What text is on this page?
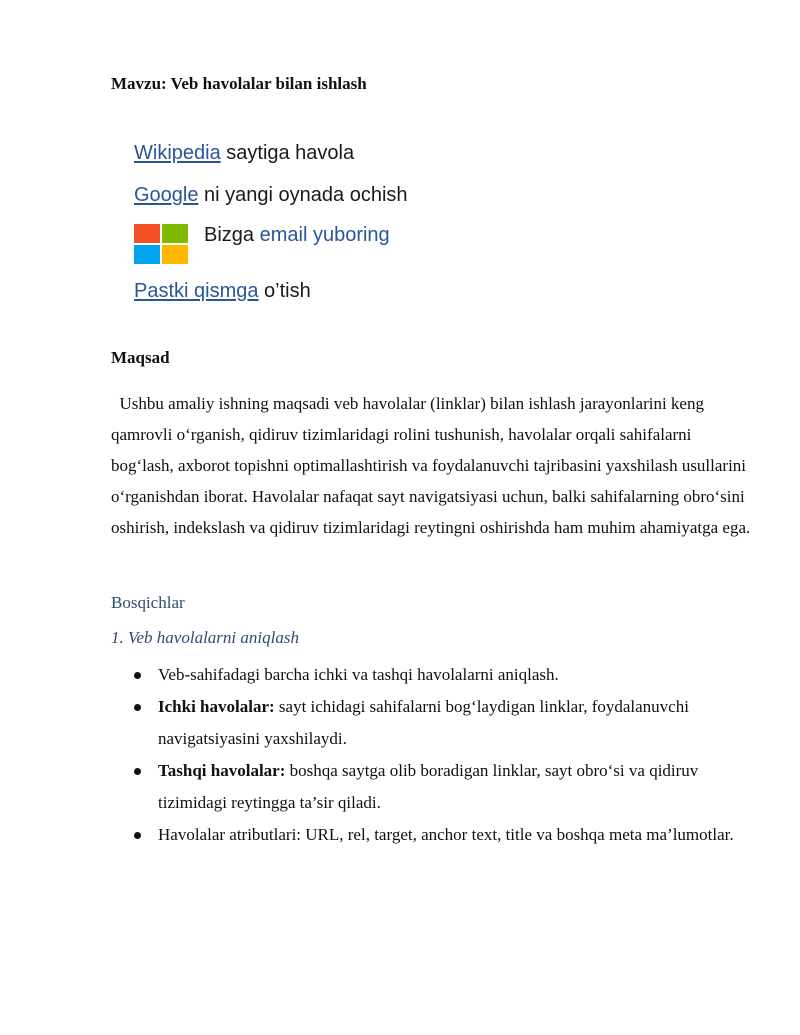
Mavzu: Veb havolalar bilan ishlash
Wikipedia saytiga havola
Google ni yangi oynada ochish
Bizga email yuboring
Pastki qismga o’tish
Maqsad

Ushbu amaliy ishning maqsadi veb havolalar (linklar) bilan ishlash jarayonlarini keng qamrovli o‘rganish, qidiruv tizimlaridagi rolini tushunish, havolalar orqali sahifalarni bog‘lash, axborot topishni optimallashtirish va foydalanuvchi tajribasini yaxshilash usullarini o‘rganishdan iborat. Havolalar nafaqat sayt navigatsiyasi uchun, balki sahifalarning obro‘sini oshirish, indekslash va qidiruv tizimlaridagi reytingni oshirishda ham muhim ahamiyatga ega.

Bosqichlar
1. Veb havolalarni aniqlash
Veb-sahifadagi barcha ichki va tashqi havolalarni aniqlash.
Ichki havolalar: sayt ichidagi sahifalarni bog‘laydigan linklar, foydalanuvchi navigatsiyasini yaxshilaydi.
Tashqi havolalar: boshqa saytga olib boradigan linklar, sayt obro‘si va qidiruv tizimidagi reytingga ta’sir qiladi.
Havolalar atributlari: URL, rel, target, anchor text, title va boshqa meta ma’lumotlar.
